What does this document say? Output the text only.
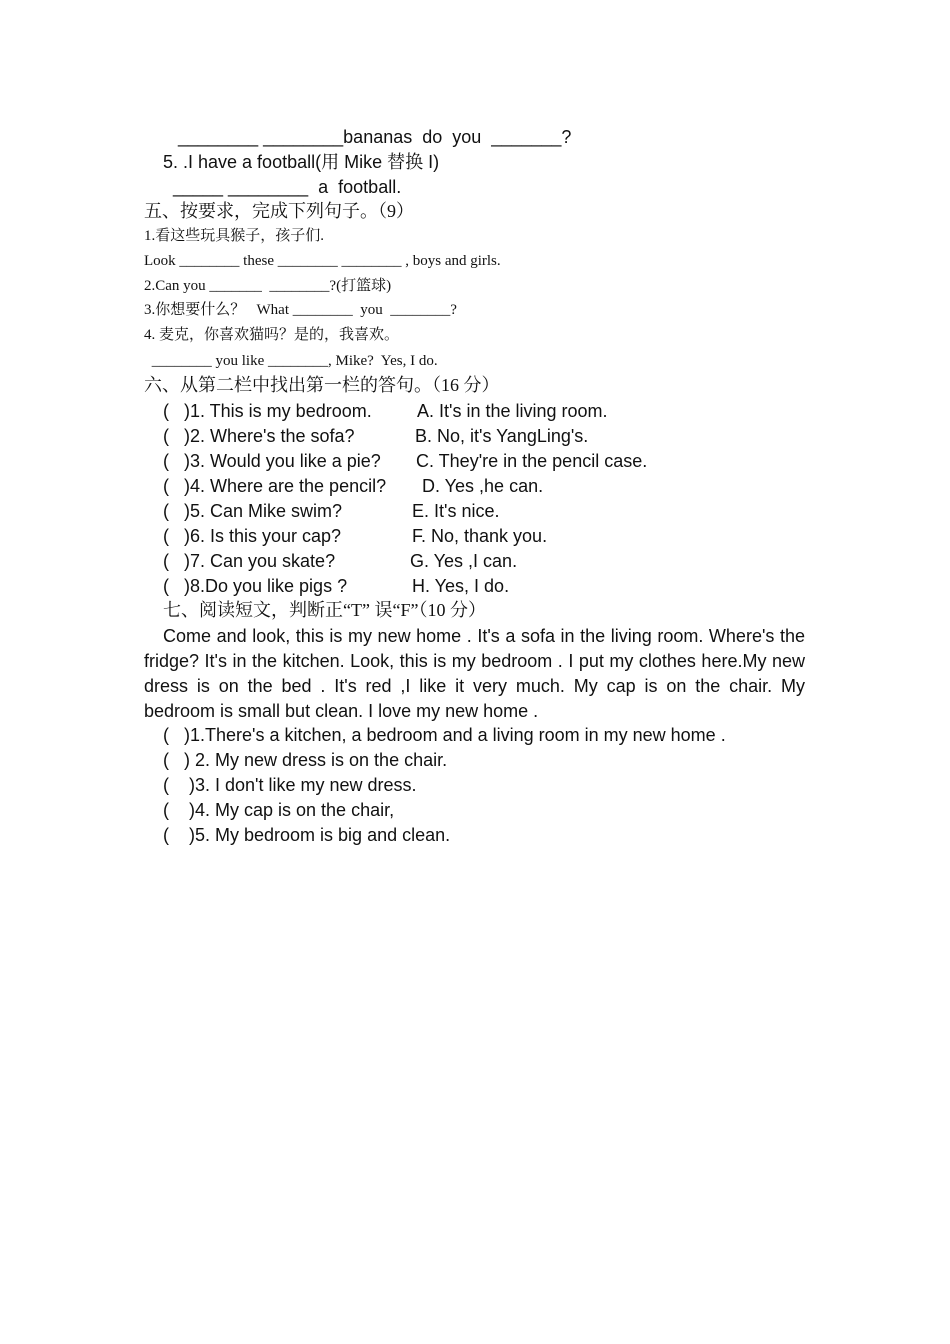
________ ________bananas  do  you  _______?
5. .I have a football(用 Mike 替换 I)
_____ ________  a  football.
五、按要求，完成下列句子。（9）
1.看这些玩具猴子，孩子们.
Look ________ these ________ ________ , boys and girls.
2.Can you _______  ________?(打篮球)
3.你想要什么？   What ________  you  ________?
4. 麦克，你喜欢猫吗？是的，我喜欢。
________ you like ________, Mike?  Yes, I do.
六、从第二栏中找出第一栏的答句。（16 分）
(   )1. This is my bedroom.	A. It's in the living room.
(   )2. Where's the sofa?	B. No, it's YangLing's.
(   )3. Would you like a pie? C. They're in the pencil case.
(   )4. Where are the pencil? D. Yes ,he can.
(   )5. Can Mike swim?	E. It's nice.
(   )6. Is this your cap?	F. No, thank you.
(   )7. Can you skate?	G. Yes ,I can.
(   )8.Do you like pigs ?	H. Yes, I do.
七、阅读短文，判断正“T” 误“F”（10 分）

Come and look, this is my new home . It's a sofa in the living room. Where's the fridge? It's in the kitchen. Look, this is my bedroom . I put my clothes here.My new dress is on the bed . It's red ,I like it very much. My cap is on the chair. My bedroom is small but clean. I love my new home .

(   )1.There's a kitchen, a bedroom and a living room in my new home .
(   ) 2. My new dress is on the chair.
(    )3. I don't like my new dress.
(    )4. My cap is on the chair,
(    )5. My bedroom is big and clean.
